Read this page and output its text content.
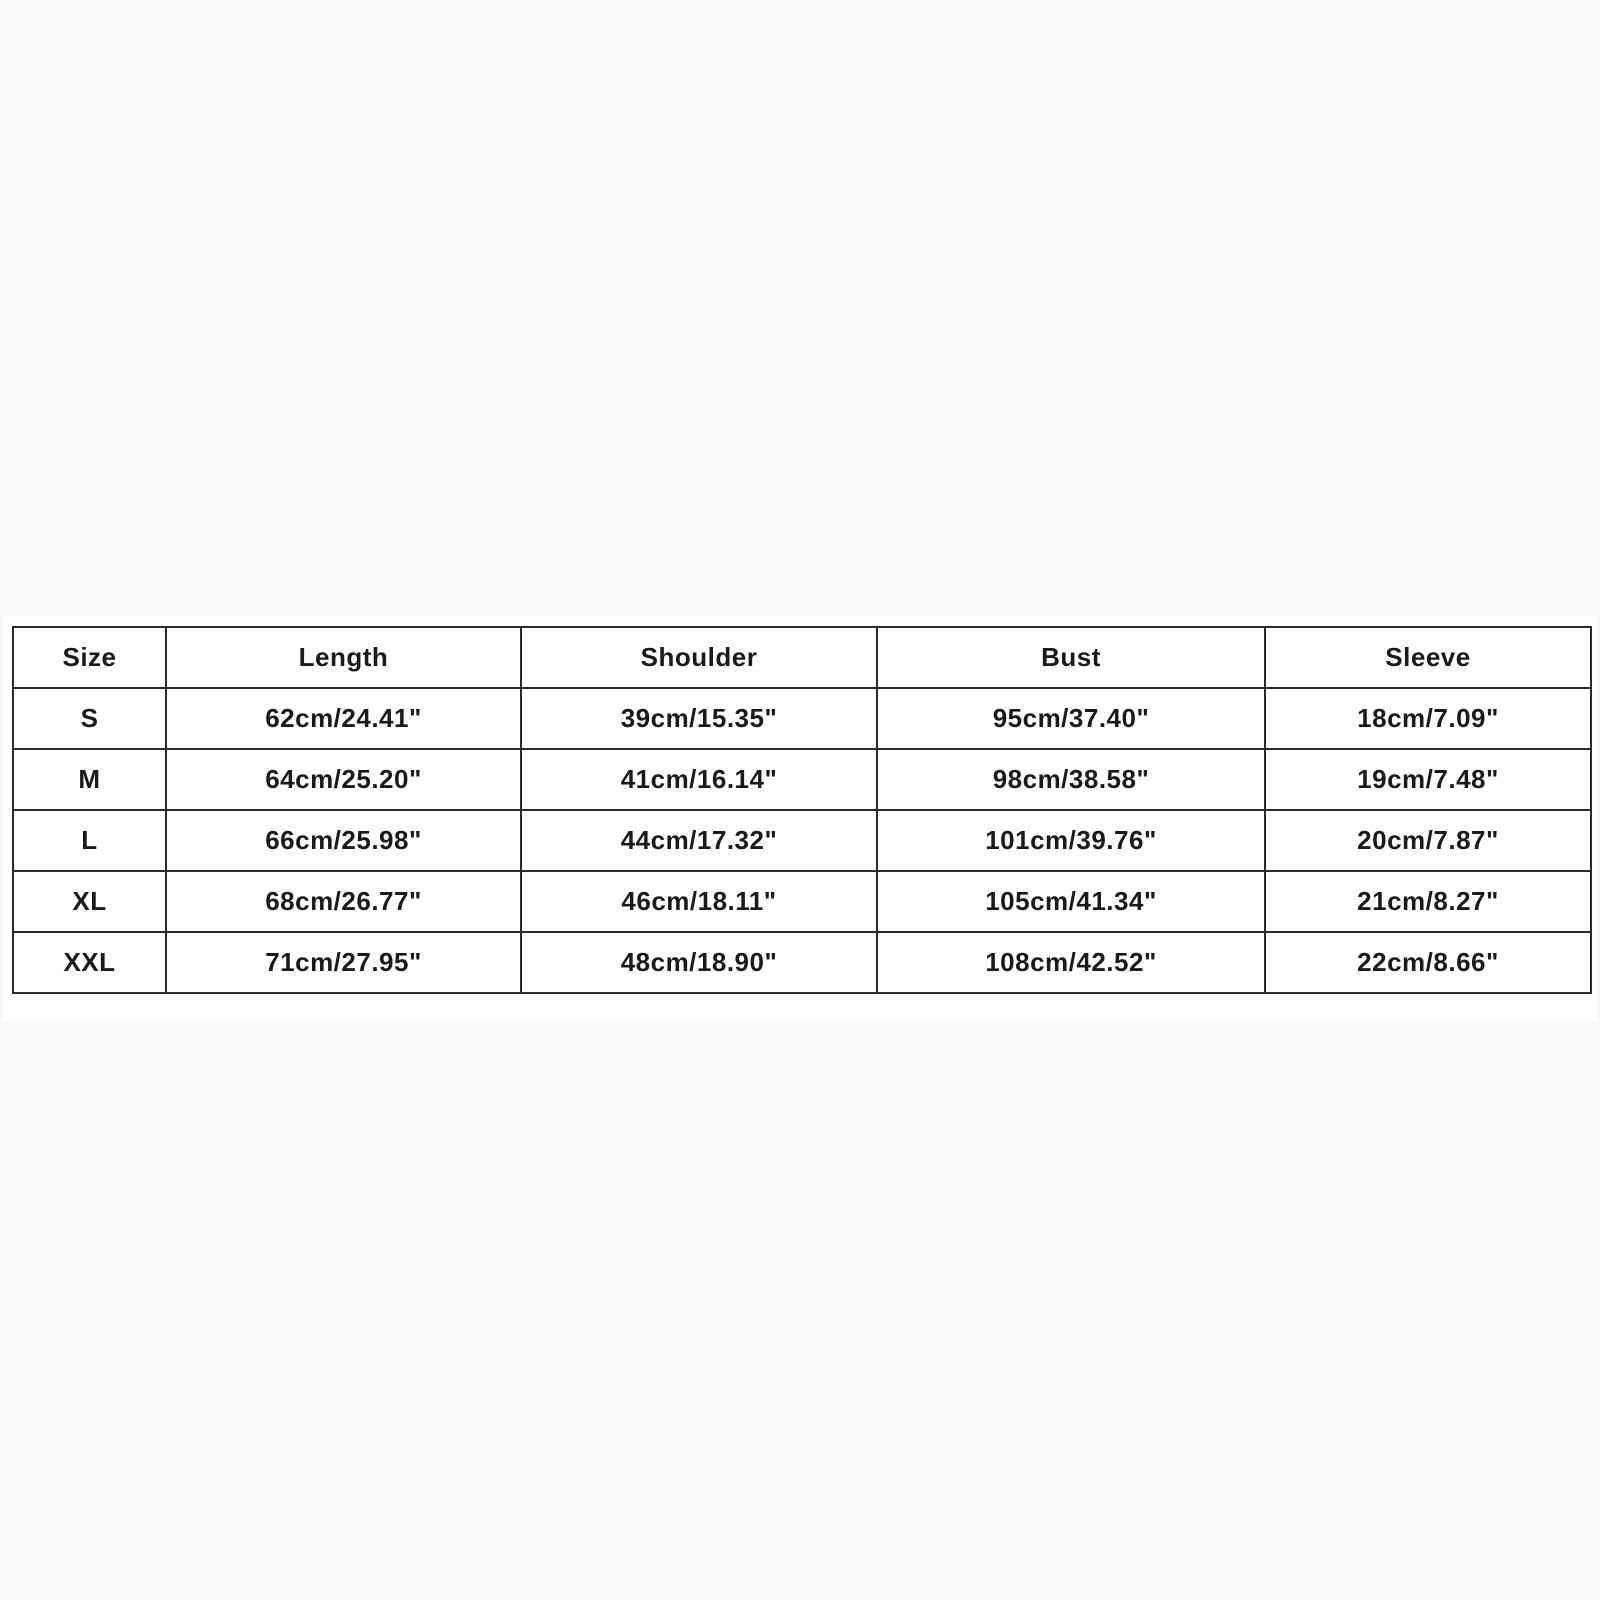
Size	Length	Shoulder	Bust	Sleeve
S	62cm/24.41"	39cm/15.35"	95cm/37.40"	18cm/7.09"
M	64cm/25.20"	41cm/16.14"	98cm/38.58"	19cm/7.48"
L	66cm/25.98"	44cm/17.32"	101cm/39.76"	20cm/7.87"
XL	68cm/26.77"	46cm/18.11"	105cm/41.34"	21cm/8.27"
XXL	71cm/27.95"	48cm/18.90"	108cm/42.52"	22cm/8.66"
